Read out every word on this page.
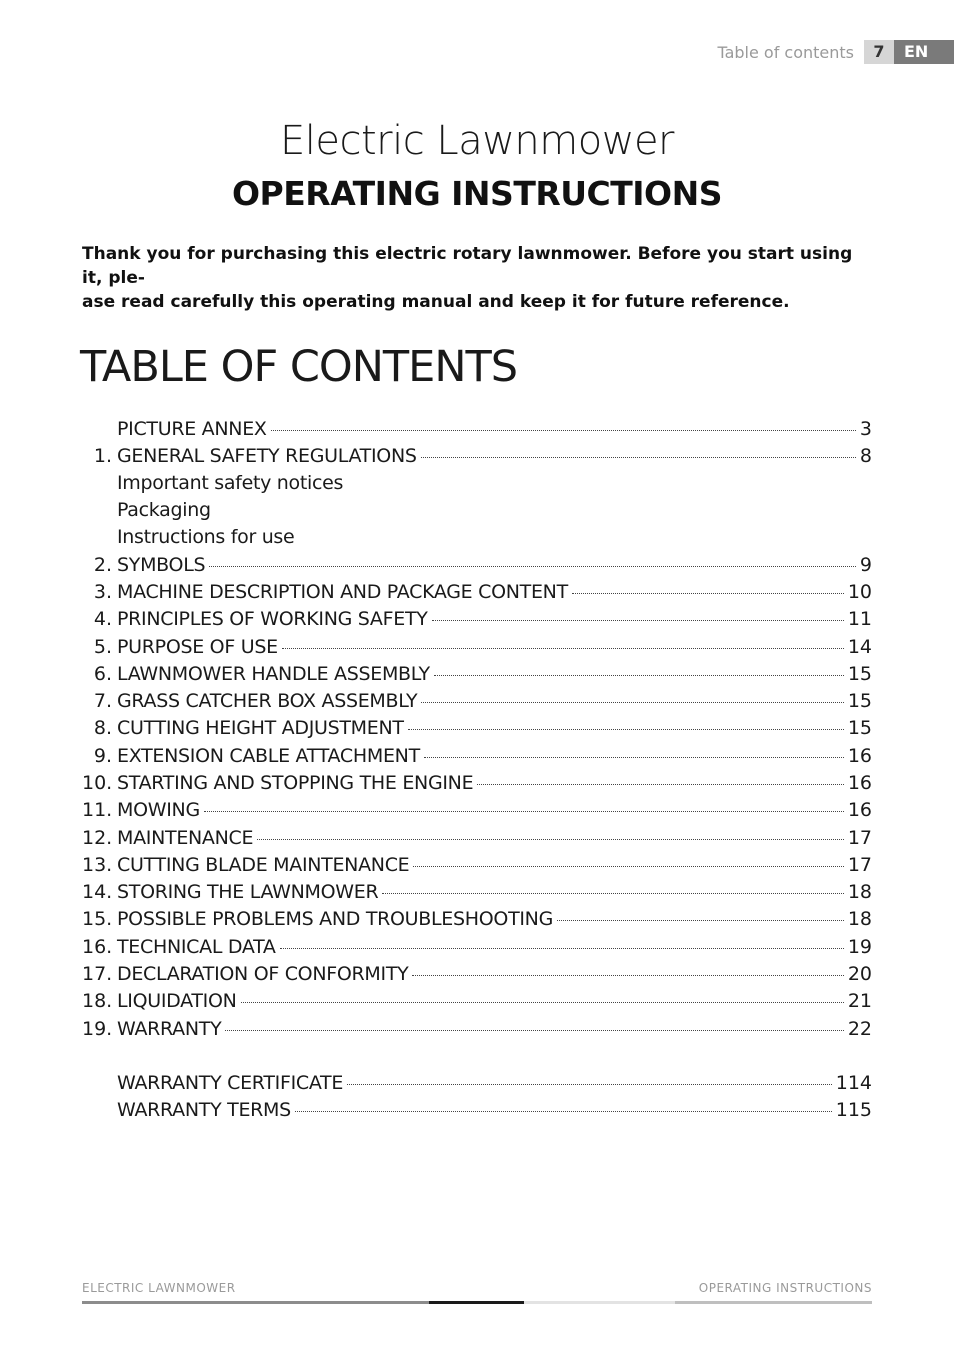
Table of contents	7	EN
Electric Lawnmower
OPERATING INSTRUCTIONS
Thank you for purchasing this electric rotary lawnmower. Before you start using it, ple-
ase read carefully this operating manual and keep it for future reference.
TABLE OF CONTENTS
PICTURE ANNEX	3
1. GENERAL SAFETY REGULATIONS	8
Important safety notices
Packaging
Instructions for use
2. SYMBOLS	9
3. MACHINE DESCRIPTION AND PACKAGE CONTENT	10
4. PRINCIPLES OF WORKING SAFETY	11
5. PURPOSE OF USE	14
6. LAWNMOWER HANDLE ASSEMBLY	15
7. GRASS CATCHER BOX ASSEMBLY	15
8. CUTTING HEIGHT ADJUSTMENT	15
9. EXTENSION CABLE ATTACHMENT	16
10. STARTING AND STOPPING THE ENGINE	16
11. MOWING	16
12. MAINTENANCE	17
13. CUTTING BLADE MAINTENANCE	17
14. STORING THE LAWNMOWER	18
15. POSSIBLE PROBLEMS AND TROUBLESHOOTING	18
16. TECHNICAL DATA	19
17. DECLARATION OF CONFORMITY	20
18. LIQUIDATION	21
19. WARRANTY	22
WARRANTY CERTIFICATE	114
WARRANTY TERMS	115
ELECTRIC LAWNMOWER	OPERATING INSTRUCTIONS
